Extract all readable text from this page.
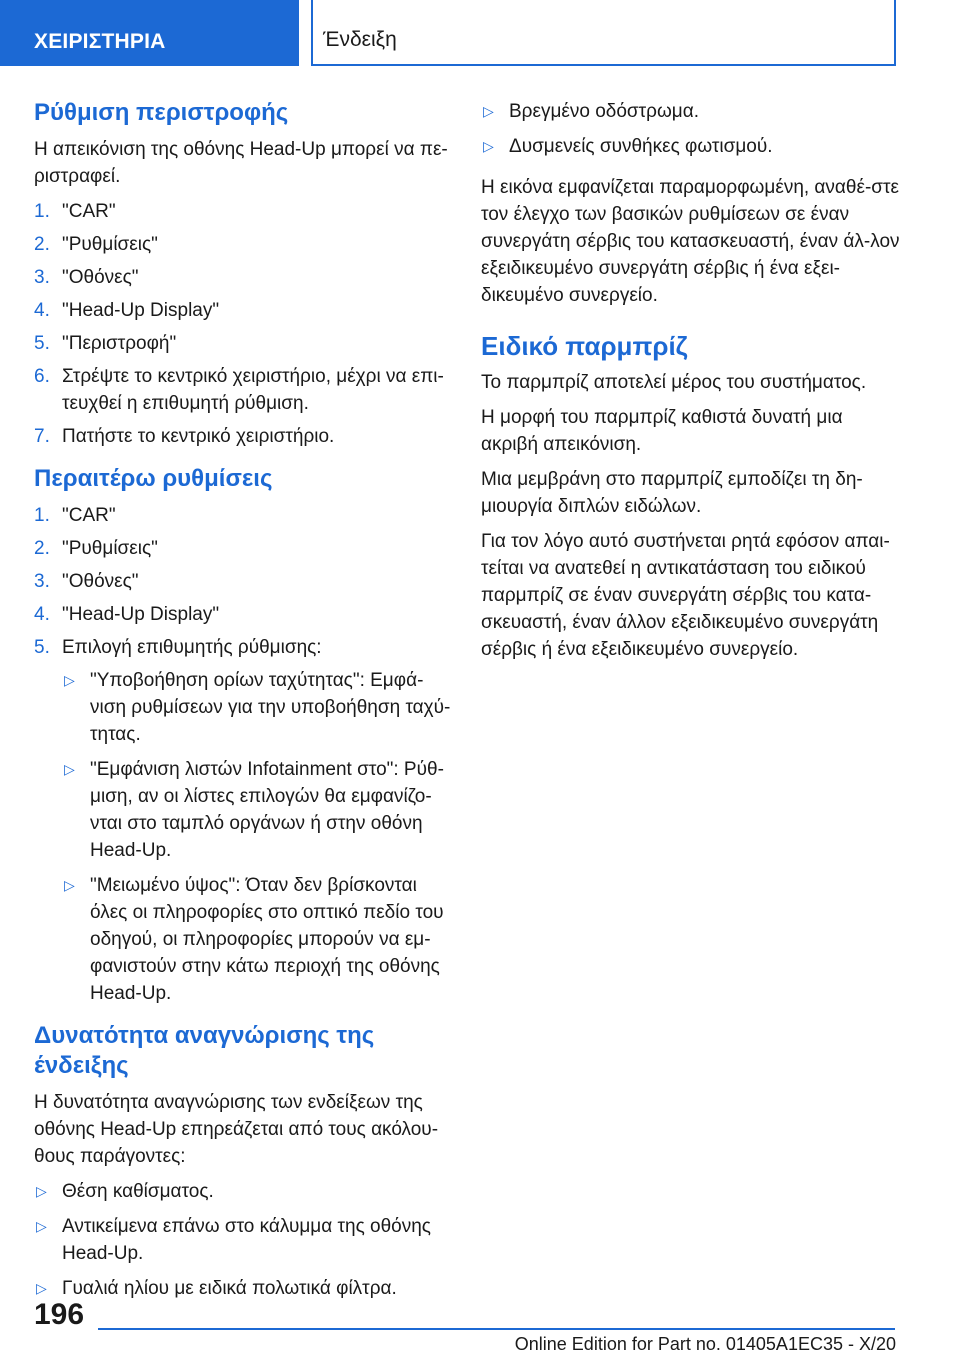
ΧΕΙΡΙΣΤΗΡΙΑ	Ένδειξη
Ρύθμιση περιστροφής

Η απεικόνιση της οθόνης Head-Up μπορεί να πε‐ριστραφεί.

1. "CAR"
2. "Ρυθμίσεις"
3. "Οθόνες"
4. "Head-Up Display"
5. "Περιστροφή"
6. Στρέψτε το κεντρικό χειριστήριο, μέχρι να επι‐τευχθεί η επιθυμητή ρύθμιση.
7. Πατήστε το κεντρικό χειριστήριο.
Περαιτέρω ρυθμίσεις
1. "CAR"
2. "Ρυθμίσεις"
3. "Οθόνες"
4. "Head-Up Display"
5. Επιλογή επιθυμητής ρύθμισης:
▷ "Υποβοήθηση ορίων ταχύτητας": Εμφά‐νιση ρυθμίσεων για την υποβοήθηση ταχύ‐τητας.
▷ "Εμφάνιση λιστών Infotainment στο": Ρύθ‐μιση, αν οι λίστες επιλογών θα εμφανίζο‐νται στο ταμπλό οργάνων ή στην οθόνη Head-Up.
▷ "Μειωμένο ύψος": Όταν δεν βρίσκονται όλες οι πληροφορίες στο οπτικό πεδίο του οδηγού, οι πληροφορίες μπορούν να εμ‐φανιστούν στην κάτω περιοχή της οθόνης Head-Up.
Δυνατότητα αναγνώρισης της ένδειξης

Η δυνατότητα αναγνώρισης των ενδείξεων της οθόνης Head-Up επηρεάζεται από τους ακόλου‐θους παράγοντες:

▷ Θέση καθίσματος.
▷ Αντικείμενα επάνω στο κάλυμμα της οθόνης Head-Up.
▷ Γυαλιά ηλίου με ειδικά πολωτικά φίλτρα.
▷ Βρεγμένο οδόστρωμα.
▷ Δυσμενείς συνθήκες φωτισμού.

Η εικόνα εμφανίζεται παραμορφωμένη, αναθέ‐στε τον έλεγχο των βασικών ρυθμίσεων σε έναν συνεργάτη σέρβις του κατασκευαστή, έναν άλ‐λον εξειδικευμένο συνεργάτη σέρβις ή ένα εξει‐δικευμένο συνεργείο.

Ειδικό παρμπρίζ

Το παρμπρίζ αποτελεί μέρος του συστήματος.

Η μορφή του παρμπρίζ καθιστά δυνατή μια ακριβή απεικόνιση.

Μια μεμβράνη στο παρμπρίζ εμποδίζει τη δη‐μιουργία διπλών ειδώλων.

Για τον λόγο αυτό συστήνεται ρητά εφόσον απαι‐τείται να ανατεθεί η αντικατάσταση του ειδικού παρμπρίζ σε έναν συνεργάτη σέρβις του κατα‐σκευαστή, έναν άλλον εξειδικευμένο συνεργάτη σέρβις ή ένα εξειδικευμένο συνεργείο.

196
Online Edition for Part no. 01405A1EC35 - X/20
